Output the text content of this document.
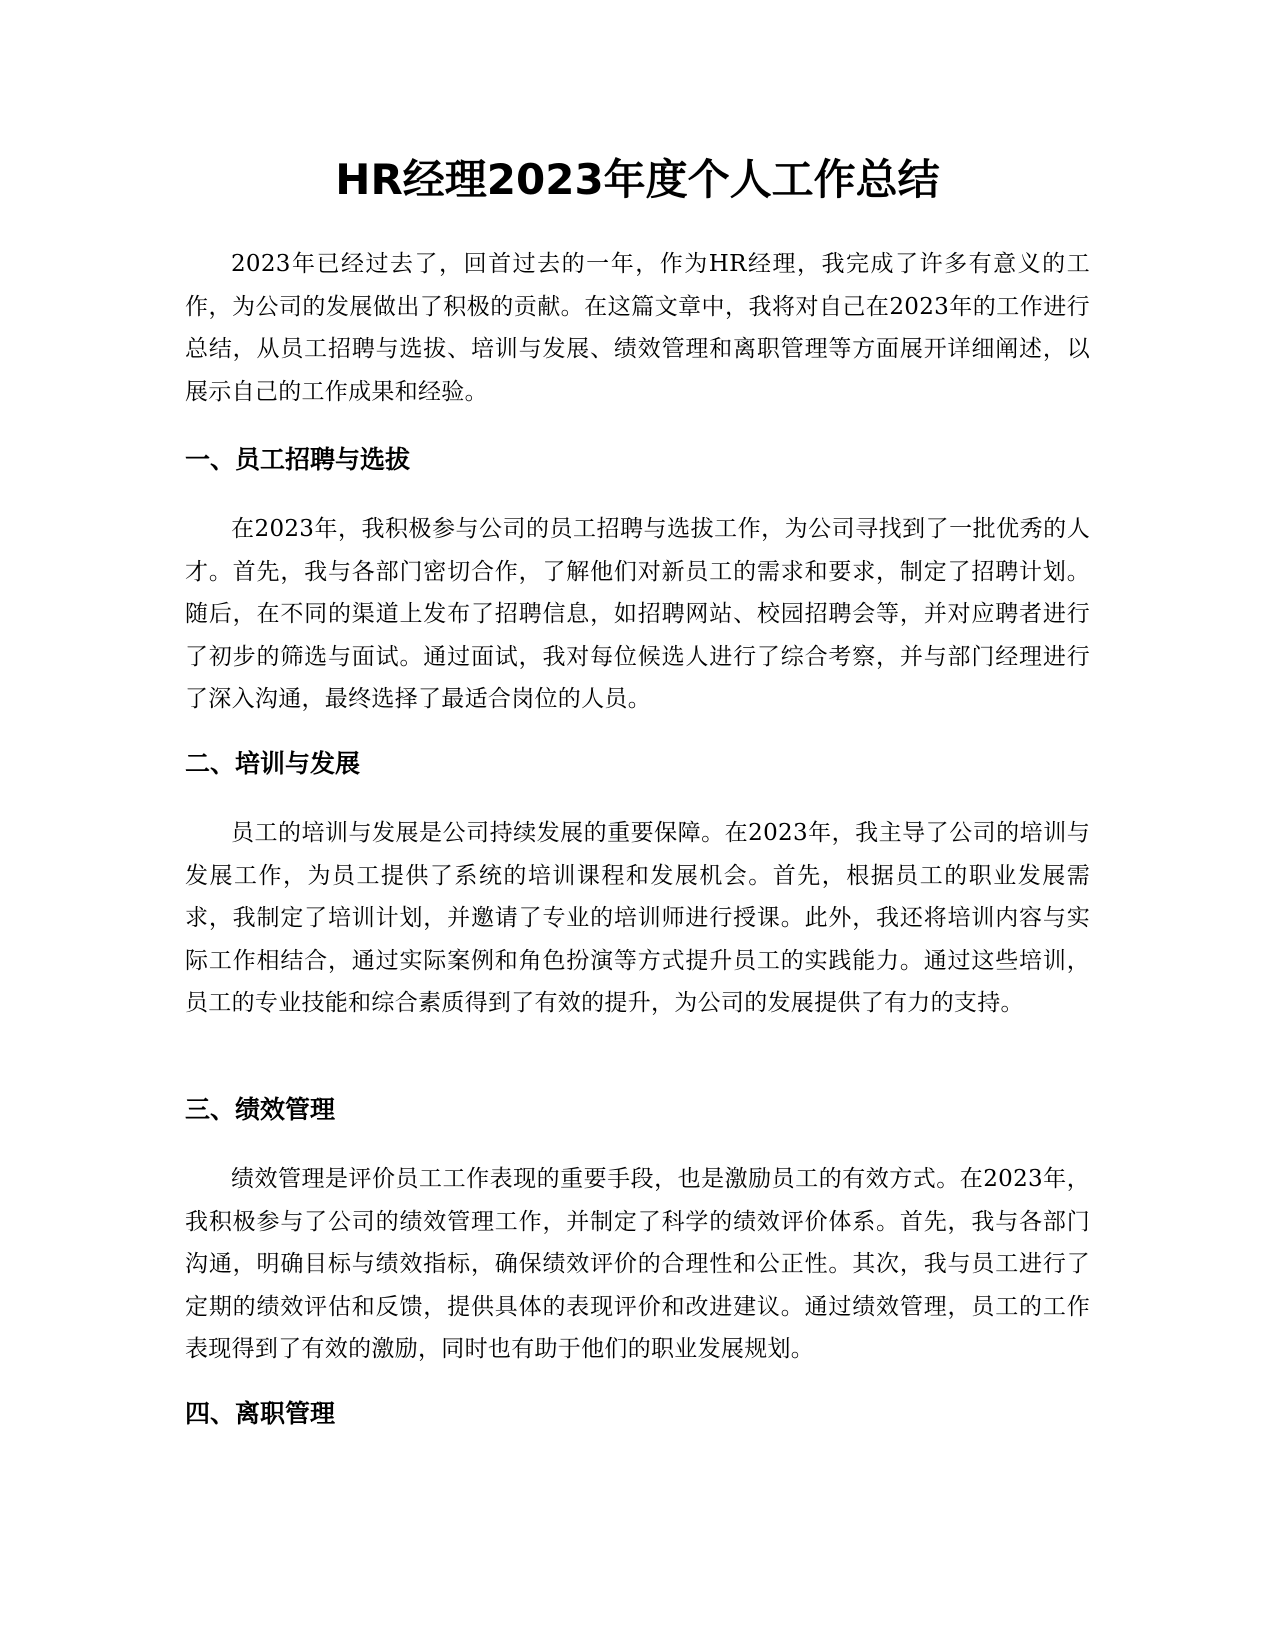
HR经理2023年度个人工作总结

2023年已经过去了，回首过去的一年，作为HR经理，我完成了许多有意义的工作，为公司的发展做出了积极的贡献。在这篇文章中，我将对自己在2023年的工作进行总结，从员工招聘与选拔、培训与发展、绩效管理和离职管理等方面展开详细阐述，以展示自己的工作成果和经验。

一、员工招聘与选拔

在2023年，我积极参与公司的员工招聘与选拔工作，为公司寻找到了一批优秀的人才。首先，我与各部门密切合作，了解他们对新员工的需求和要求，制定了招聘计划。随后，在不同的渠道上发布了招聘信息，如招聘网站、校园招聘会等，并对应聘者进行了初步的筛选与面试。通过面试，我对每位候选人进行了综合考察，并与部门经理进行了深入沟通，最终选择了最适合岗位的人员。

二、培训与发展

员工的培训与发展是公司持续发展的重要保障。在2023年，我主导了公司的培训与发展工作，为员工提供了系统的培训课程和发展机会。首先，根据员工的职业发展需求，我制定了培训计划，并邀请了专业的培训师进行授课。此外，我还将培训内容与实际工作相结合，通过实际案例和角色扮演等方式提升员工的实践能力。通过这些培训，员工的专业技能和综合素质得到了有效的提升，为公司的发展提供了有力的支持。

三、绩效管理

绩效管理是评价员工工作表现的重要手段，也是激励员工的有效方式。在2023年，我积极参与了公司的绩效管理工作，并制定了科学的绩效评价体系。首先，我与各部门沟通，明确目标与绩效指标，确保绩效评价的合理性和公正性。其次，我与员工进行了定期的绩效评估和反馈，提供具体的表现评价和改进建议。通过绩效管理，员工的工作表现得到了有效的激励，同时也有助于他们的职业发展规划。

四、离职管理
